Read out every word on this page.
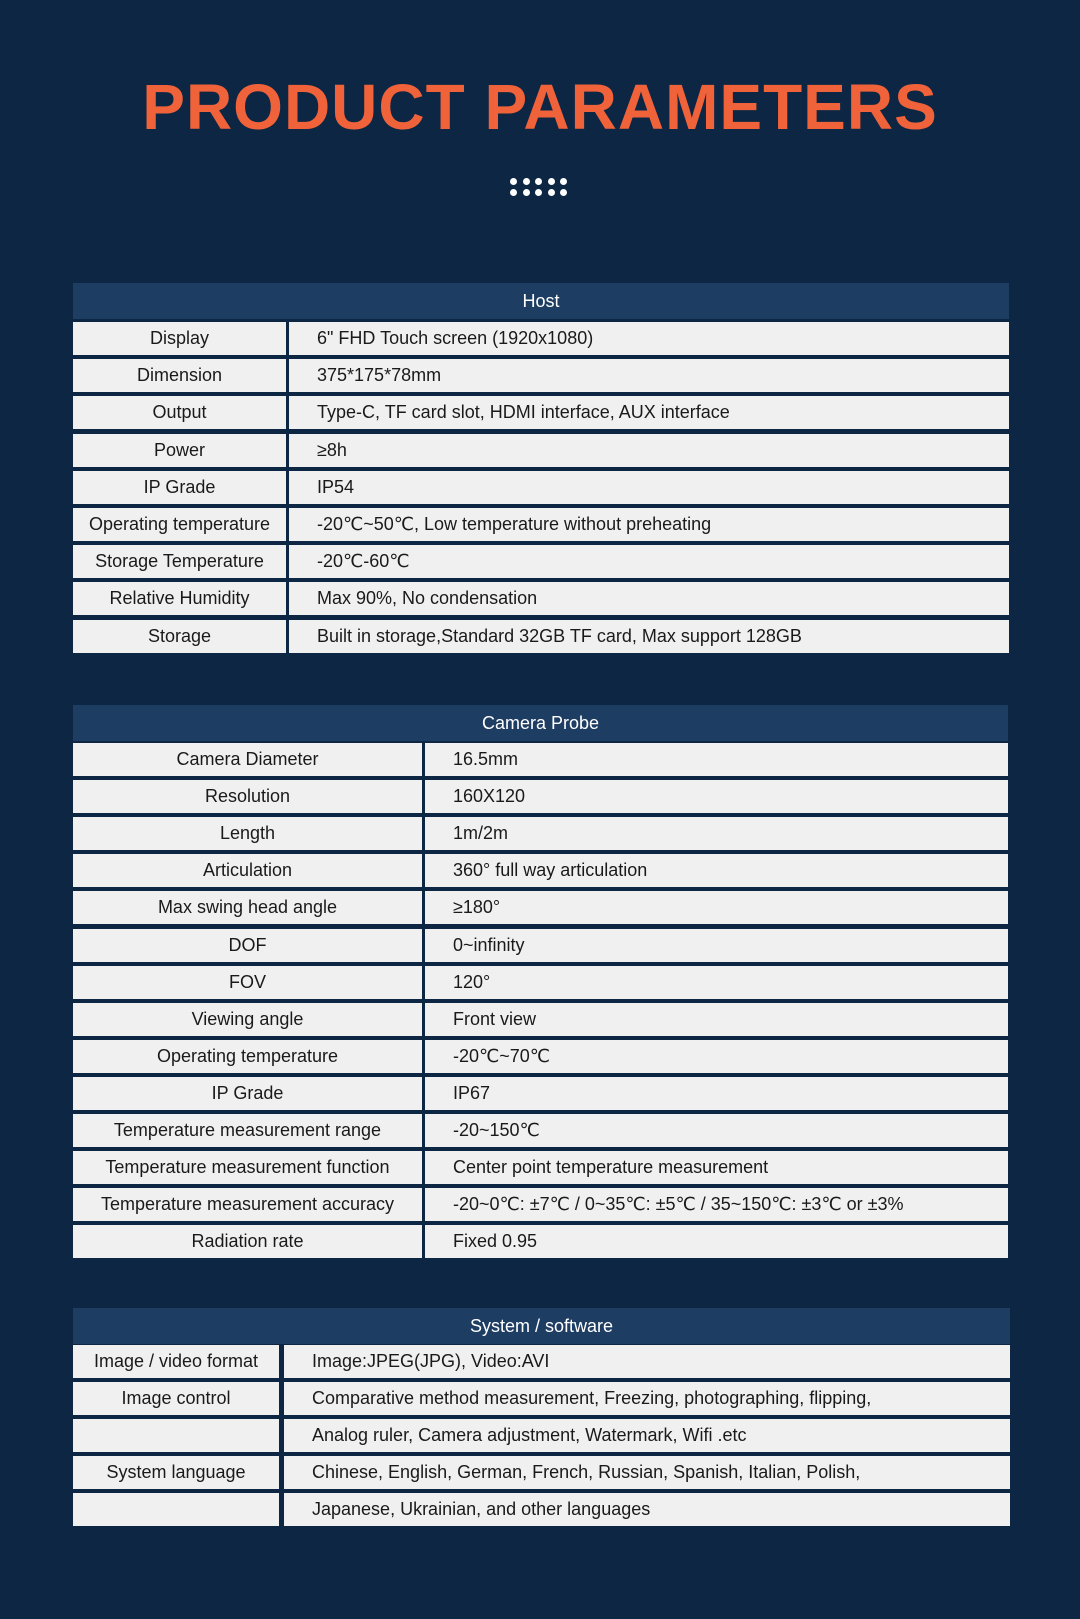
PRODUCT PARAMETERS
Host
Display	6" FHD Touch screen (1920x1080)
Dimension	375*175*78mm
Output	Type-C, TF card slot, HDMI interface, AUX interface
Power	≥8h
IP Grade	IP54
Operating temperature	-20℃~50℃, Low temperature without preheating
Storage Temperature	-20℃-60℃
Relative Humidity	Max 90%, No condensation
Storage	Built in storage,Standard 32GB TF card, Max support 128GB
Camera Probe
Camera Diameter	16.5mm
Resolution	160X120
Length	1m/2m
Articulation	360° full way articulation
Max swing head angle	≥180°
DOF	0~infinity
FOV	120°
Viewing angle	Front view
Operating temperature	-20℃~70℃
IP Grade	IP67
Temperature measurement range	-20~150℃
Temperature measurement function	Center point temperature measurement
Temperature measurement accuracy	-20~0℃: ±7℃ / 0~35℃: ±5℃ / 35~150℃: ±3℃ or ±3%
Radiation rate	Fixed 0.95
System / software
Image / video format	Image:JPEG(JPG), Video:AVI
Image control	Comparative method measurement, Freezing, photographing, flipping,
Analog ruler, Camera adjustment, Watermark, Wifi .etc
System language	Chinese, English, German, French, Russian, Spanish, Italian, Polish,
Japanese, Ukrainian, and other languages
